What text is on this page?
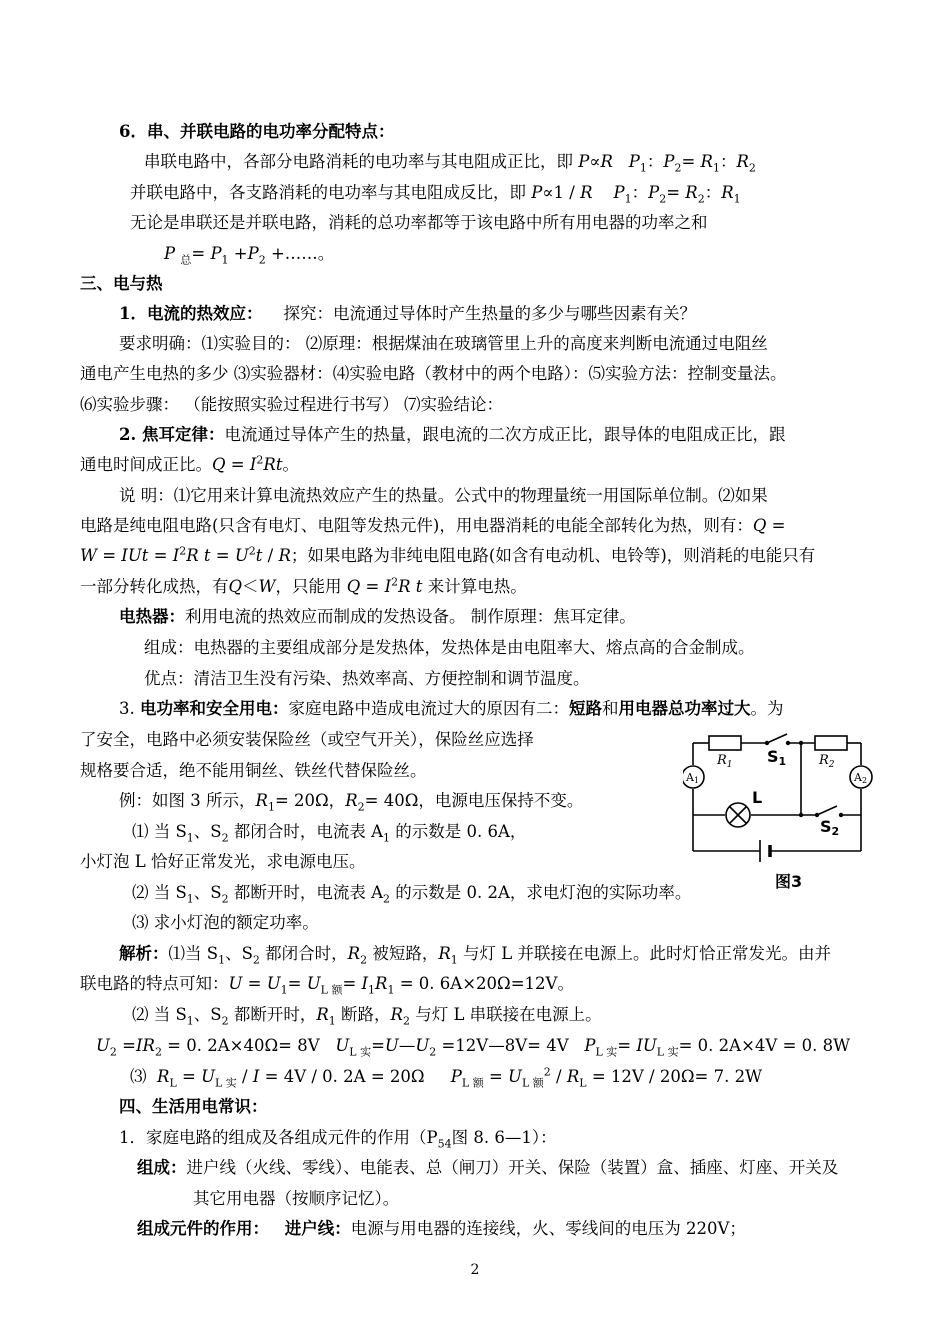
6．串、并联电路的电功率分配特点：
串联电路中，各部分电路消耗的电功率与其电阻成正比，即 P∝R $P_1$：$P_2= R_1$：$R_2$
并联电路中，各支路消耗的电功率与其电阻成反比，即 P∝1 / R $P_1$：$P_2= R_2$：$R_1$
无论是串联还是并联电路，消耗的总功率都等于该电路中所有用电器的功率之和
P $_总= P_1 +P_2$ +……。
三、电与热
1．电流的热效应： 探究：电流通过导体时产生热量的多少与哪些因素有关？
要求明确：⑴实验目的： ⑵原理：根据煤油在玻璃管里上升的高度来判断电流通过电阻丝
通电产生电热的多少 ⑶实验器材：⑷实验电路（教材中的两个电路）：⑸实验方法：控制变量法。
⑹实验步骤： （能按照实验过程进行书写） ⑺实验结论：
2. 焦耳定律：电流通过导体产生的热量，跟电流的二次方成正比，跟导体的电阻成正比，跟
通电时间成正比。$Q = I^2Rt$。
说 明：⑴它用来计算电流热效应产生的热量。公式中的物理量统一用国际单位制。⑵如果
电路是纯电阻电路(只含有电灯、电阻等发热元件)，用电器消耗的电能全部转化为热，则有：Q =
W = IUt = $I^2R$ $t = U^2t / R$；如果电路为非纯电阻电路(如含有电动机、电铃等)，则消耗的电能只有
一部分转化成热，有Q＜W，只能用 $Q = I^2R$ t 来计算电热。
电热器：利用电流的热效应而制成的发热设备。 制作原理：焦耳定律。
组成：电热器的主要组成部分是发热体，发热体是由电阻率大、熔点高的合金制成。
优点：清洁卫生没有污染、热效率高、方便控制和调节温度。
3. 电功率和安全用电：家庭电路中造成电流过大的原因有二：短路和用电器总功率过大。为
了安全，电路中必须安装保险丝（或空气开关），保险丝应选择
规格要合适，绝不能用铜丝、铁丝代替保险丝。
例：如图 3 所示，$R_1= 20\Omega$，$R_2= 40\Omega$，电源电压保持不变。
⑴ 当 $S_1$、$S_2$ 都闭合时，电流表 $A_1$ 的示数是 0. 6A，
小灯泡 L 恰好正常发光，求电源电压。
⑵ 当 $S_1$、$S_2$ 都断开时，电流表 $A_2$ 的示数是 0. 2A，求电灯泡的实际功率。
⑶ 求小灯泡的额定功率。
解析：⑴当 $S_1$、$S_2$ 都闭合时，$R_2$ 被短路，$R_1$ 与灯 L 并联接在电源上。此时灯恰正常发光。由并
联电路的特点可知：$U = U_1= U_{L 额}= I_1R_1 = 0$. 6A×20Ω=12V。
⑵ 当 $S_1$、$S_2$ 都断开时，$R_1$ 断路，$R_2$ 与灯 L 串联接在电源上。
$U_2 =IR_2 = 0$. 2A×40Ω= 8V   $U_{L 实}=U—U_2$ =12V—8V= 4V   $P_{L 实}= IU_{L 实}= 0$. 2A×4V = 0. 8W
⑶  $R_L = U_{L 实} / I = 4V / 0$. 2A = 20Ω     $P_{L 额} = U_{L 额}^2 / R_L = 12V / 20\Omega= 7$. 2W
四、生活用电常识：
1．家庭电路的组成及各组成元件的作用（$P_{54}$图 8. 6—1）：
组成：进户线（火线、零线）、电能表、总（闸刀）开关、保险（装置）盒、插座、灯座、开关及
其它用电器（按顺序记忆）。
组成元件的作用： 进户线：电源与用电器的连接线，火、零线间的电压为 220V；
$R_1$	$R_2$
S1
S2
L
A1	A2
图3
2
